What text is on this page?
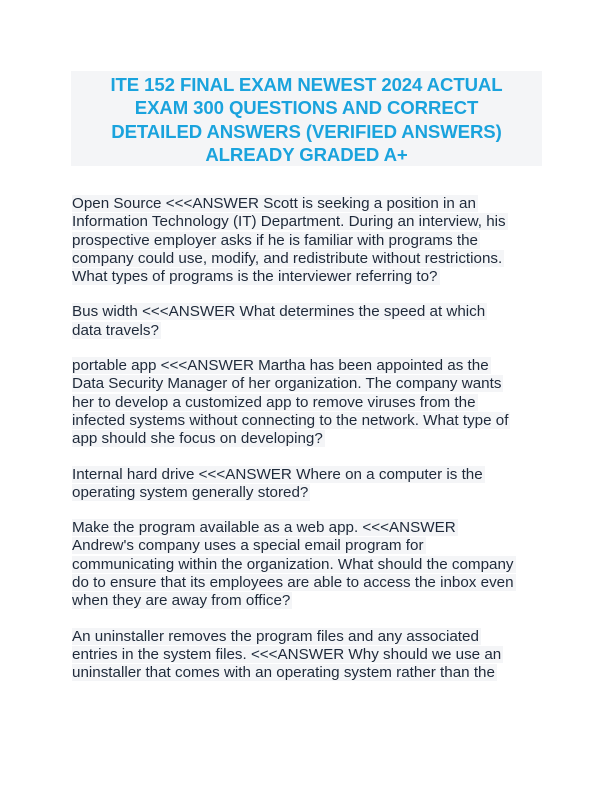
ITE 152 FINAL EXAM NEWEST 2024 ACTUAL
EXAM 300 QUESTIONS AND CORRECT
DETAILED ANSWERS (VERIFIED ANSWERS)
ALREADY GRADED A+

Open Source <<<ANSWER Scott is seeking a position in an
Information Technology (IT) Department. During an interview, his
prospective employer asks if he is familiar with programs the
company could use, modify, and redistribute without restrictions.
What types of programs is the interviewer referring to?

Bus width <<<ANSWER What determines the speed at which
data travels?

portable app <<<ANSWER Martha has been appointed as the
Data Security Manager of her organization. The company wants
her to develop a customized app to remove viruses from the
infected systems without connecting to the network. What type of
app should she focus on developing?

Internal hard drive <<<ANSWER Where on a computer is the
operating system generally stored?

Make the program available as a web app. <<<ANSWER
Andrew's company uses a special email program for
communicating within the organization. What should the company
do to ensure that its employees are able to access the inbox even
when they are away from office?

An uninstaller removes the program files and any associated
entries in the system files. <<<ANSWER Why should we use an
uninstaller that comes with an operating system rather than the
